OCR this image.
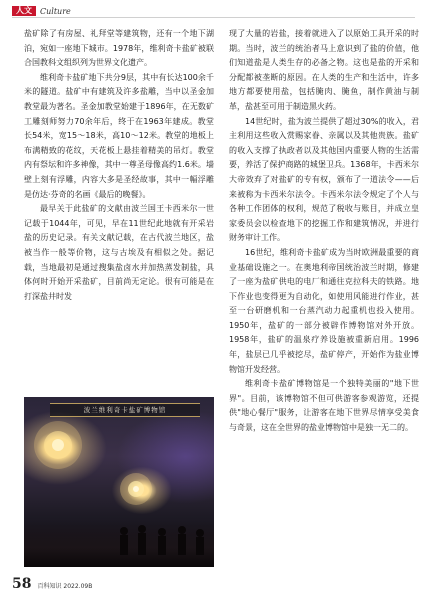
人文	Culture

盐矿除了有房屋、礼拜堂等建筑物，还有一个地下湖泊，宛如一座地下城市。1978年，维利奇卡盐矿被联合国教科文组织列为世界文化遗产。

维利奇卡盐矿地下共分9层，其中有长达100余千米的隧道。盐矿中有建筑及许多盐雕，当中以圣金加教堂最为著名。圣金加教堂始建于1896年，在无数矿工雕刻师努力70余年后，终于在1963年建成。教堂长54米，宽15～18米，高10～12米。教堂的地板上布满精致的花纹，天花板上悬挂着精美的吊灯。教堂内有祭坛和许多神像，其中一尊圣母像高约1.6米。墙壁上刻有浮雕，内容大多是圣经故事，其中一幅浮雕是仿达·芬奇的名画《最后的晚餐》。

最早关于此盐矿的文献由波兰国王卡西米尔一世记载于1044年，可见，早在11世纪此地就有开采岩盐的历史记录。有关文献记载，在古代波兰地区，盐被当作一般等价物，这与古埃及有相似之处。据记载，当地最初是通过搜集盐卤水并加热蒸发制盐，具体何时开始开采盐矿，目前尚无定论。很有可能是在打深盐井时发

波兰维利奇卡盐矿博物馆

现了大量的岩盐，接着就进入了以原始工具开采的时期。当时，波兰的统治者马上意识到了盐的价值，他们知道盐是人类生存的必备之物。这也是盐的开采和分配都被垄断的原因。在人类的生产和生活中，许多地方都要使用盐，包括腌肉、腌鱼，制作黄油与制革，盐甚至可用于制造黑火药。

14世纪时，盐为波兰提供了超过30%的收入，君主利用这些收入赏赐家眷、亲属以及其他贵族。盐矿的收入支撑了执政者以及其他国内重要人物的生活需要，养活了保护商路的城堡卫兵。1368年，卡西米尔大帝效弃了对盐矿的专有权，颁布了一道法令——后来被称为卡西米尔法令。卡西米尔法令规定了个人与各种工作团体的权利，规范了税收与账目，并成立皇家委员会以检查地下的挖掘工作和建筑情况，并进行财务审计工作。

16世纪，维利奇卡盐矿成为当时欧洲最重要的商业基础设施之一。在奥地利帝国统治波兰时期，修建了一座为盐矿供电的电厂和通往克拉科夫的铁路。地下作业也变得更为自动化，如使用风能进行作业，甚至一台研磨机和一台蒸汽动力起重机也投入使用。1950年，盐矿的一部分被辟作博物馆对外开放。1958年，盐矿的温泉疗养设施被重新启用。1996年，盐层已几乎被挖尽，盐矿停产，开始作为盐业博物馆开发经营。

维利奇卡盐矿博物馆是一个独特美丽的"地下世界"。目前，该博物馆不但可供游客参观游览，还提供"地心餐厅"服务，让游客在地下世界尽情享受美食与奇景，这在全世界的盐业博物馆中是独一无二的。

58 百科知识 2022.09B
